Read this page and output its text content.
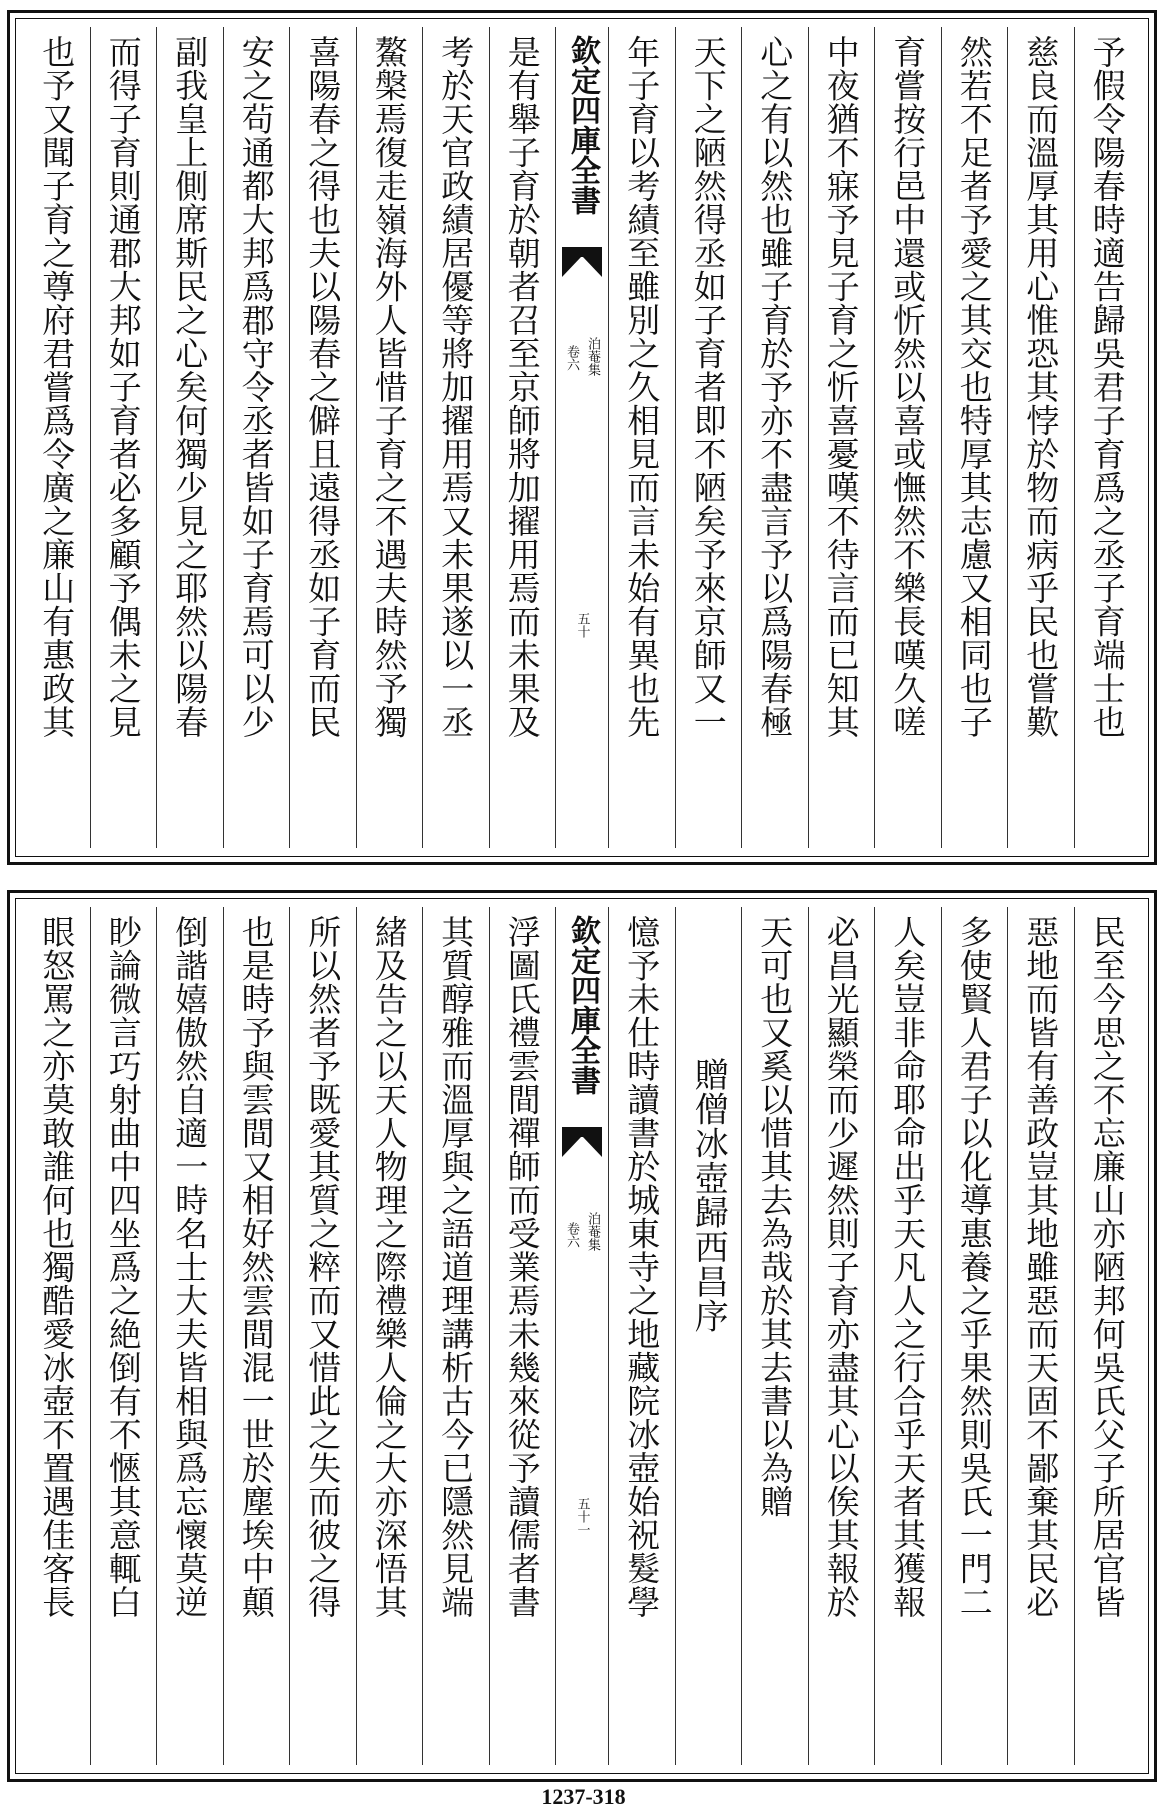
予假令陽春時適告歸吳君子育爲之丞子育端士也
慈良而溫厚其用心惟恐其悖於物而病乎民也嘗歎
然若不足者予愛之其交也特厚其志慮又相同也子
育嘗按行邑中還或忻然以喜或憮然不樂長嘆久嗟
中夜猶不寐予見子育之忻喜憂嘆不待言而已知其
心之有以然也雖子育於予亦不盡言予以爲陽春極
天下之陋然得丞如子育者即不陋矣予來京師又一
年子育以考績至雖別之久相見而言未始有異也先
欽定四庫全書
泊菴集
卷六
五十
是有舉子育於朝者召至京師將加擢用焉而未果及
考於天官政績居優等將加擢用焉又未果遂以一丞
鰲槃焉復走嶺海外人皆惜子育之不遇夫時然予獨
喜陽春之得也夫以陽春之僻且遠得丞如子育而民
安之茍通都大邦爲郡守令丞者皆如子育焉可以少
副我皇上側席斯民之心矣何獨少見之耶然以陽春
而得子育則通郡大邦如子育者必多顧予偶未之見
也予又聞子育之尊府君嘗爲令廣之廉山有惠政其
民至今思之不忘廉山亦陋邦何吳氏父子所居官皆
惡地而皆有善政豈其地雖惡而天固不鄙棄其民必
多使賢人君子以化導惠養之乎果然則吳氏一門二
人矣豈非命耶命出乎天凡人之行合乎天者其獲報
必昌光顯榮而少遲然則子育亦盡其心以俟其報於
天可也又奚以惜其去為哉於其去書以為贈
贈僧冰壺歸西昌序
憶予未仕時讀書於城東寺之地藏院冰壺始祝髮學
欽定四庫全書
泊菴集
卷六
五十一
浮圖氏禮雲間禪師而受業焉未幾來從予讀儒者書
其質醇雅而溫厚與之語道理講析古今已隱然見端
緒及告之以天人物理之際禮樂人倫之大亦深悟其
所以然者予既愛其質之粹而又惜此之失而彼之得
也是時予與雲間又相好然雲間混一世於塵埃中顛
倒諧嬉傲然自適一時名士大夫皆相與爲忘懷莫逆
眇論微言巧射曲中四坐爲之絶倒有不愜其意輒白
眼怒罵之亦莫敢誰何也獨酷愛冰壺不置遇佳客長
1237-318
